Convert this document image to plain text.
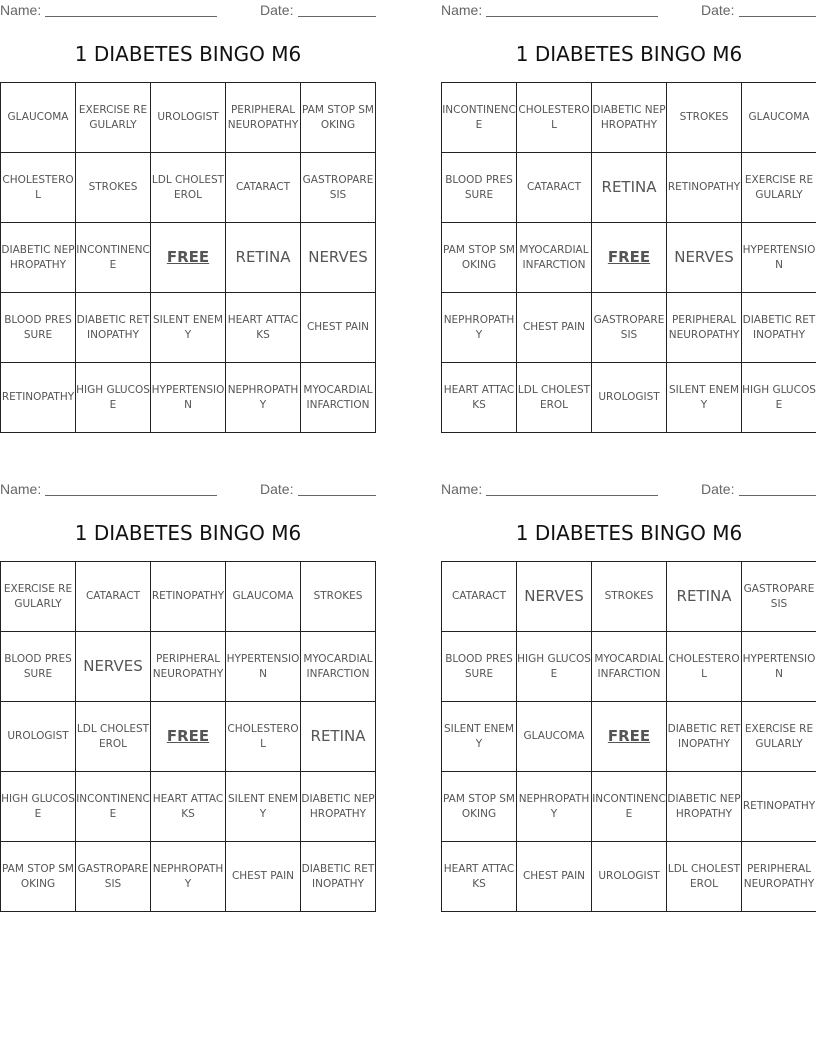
Name:	Date:
1 DIABETES BINGO M6
GLAUCOMA	EXERCISE REGULARLY	UROLOGIST	PERIPHERAL NEUROPATHY	PAM STOP SMOKING
CHOLESTEROL	STROKES	LDL CHOLESTEROL	CATARACT	GASTROPARESIS
DIABETIC NEPHROPATHY	INCONTINENCE	FREE	RETINA	NERVES
BLOOD PRESSURE	DIABETIC RETINOPATHY	SILENT ENEMY	HEART ATTACKS	CHEST PAIN
RETINOPATHY	HIGH GLUCOSE	HYPERTENSION	NEPHROPATHY	MYOCARDIAL INFARCTION
Name:	Date:
1 DIABETES BINGO M6
INCONTINENCE	CHOLESTEROL	DIABETIC NEPHROPATHY	STROKES	GLAUCOMA
BLOOD PRESSURE	CATARACT	RETINA	RETINOPATHY	EXERCISE REGULARLY
PAM STOP SMOKING	MYOCARDIAL INFARCTION	FREE	NERVES	HYPERTENSION
NEPHROPATHY	CHEST PAIN	GASTROPARESIS	PERIPHERAL NEUROPATHY	DIABETIC RETINOPATHY
HEART ATTACKS	LDL CHOLESTEROL	UROLOGIST	SILENT ENEMY	HIGH GLUCOSE
Name:	Date:
1 DIABETES BINGO M6
EXERCISE REGULARLY	CATARACT	RETINOPATHY	GLAUCOMA	STROKES
BLOOD PRESSURE	NERVES	PERIPHERAL NEUROPATHY	HYPERTENSION	MYOCARDIAL INFARCTION
UROLOGIST	LDL CHOLESTEROL	FREE	CHOLESTEROL	RETINA
HIGH GLUCOSE	INCONTINENCE	HEART ATTACKS	SILENT ENEMY	DIABETIC NEPHROPATHY
PAM STOP SMOKING	GASTROPARESIS	NEPHROPATHY	CHEST PAIN	DIABETIC RETINOPATHY
Name:	Date:
1 DIABETES BINGO M6
CATARACT	NERVES	STROKES	RETINA	GASTROPARESIS
BLOOD PRESSURE	HIGH GLUCOSE	MYOCARDIAL INFARCTION	CHOLESTEROL	HYPERTENSION
SILENT ENEMY	GLAUCOMA	FREE	DIABETIC RETINOPATHY	EXERCISE REGULARLY
PAM STOP SMOKING	NEPHROPATHY	INCONTINENCE	DIABETIC NEPHROPATHY	RETINOPATHY
HEART ATTACKS	CHEST PAIN	UROLOGIST	LDL CHOLESTEROL	PERIPHERAL NEUROPATHY
